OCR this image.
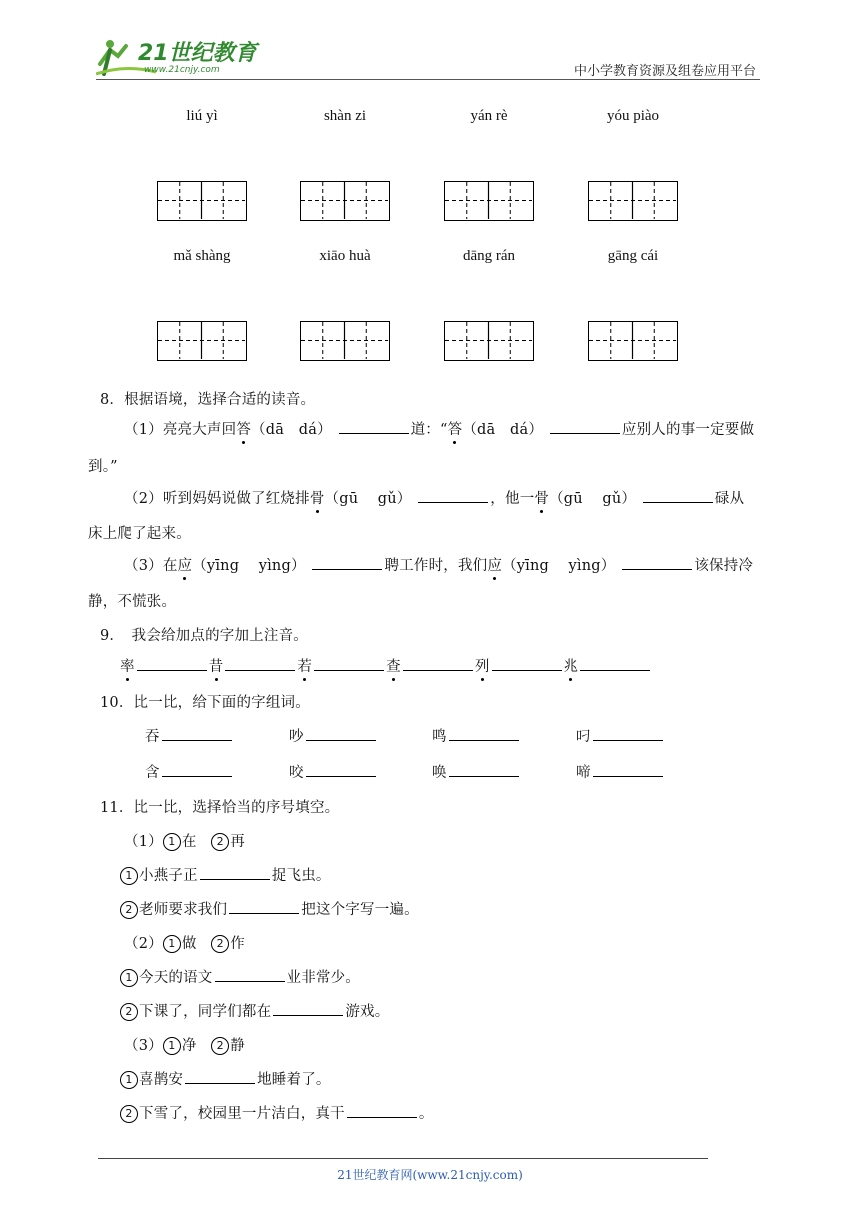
21世纪教育
www.21cnjy.com	中小学教育资源及组卷应用平台
liú yì	shàn zi	yán rè	yóu piào
mǎ shàng	xiāo huà	dāng rán	gāng cái
8．根据语境，选择合适的读音。
（1）亮亮大声回答（dā　dá）	道：“答（dā　dá）	应别人的事一定要做
到。”
（2）听到妈妈说做了红烧排骨（gū　 gǔ）	，他一骨（gū　 gǔ）	碌从
床上爬了起来。
（3）在应（yīng　 yìng）	聘工作时，我们应（yīng　 yìng）	该保持冷
静，不慌张。
9．　我会给加点的字加上注音。
率	昔	若	查	列	兆
10．比一比，给下面的字组词。
吞	吵	鸣	叼
含	咬	唤	啼
11．比一比，选择恰当的序号填空。
（1） 1 在　 2 再
1 小燕子正	捉飞虫。
2 老师要求我们	把这个字写一遍。
（2） 1 做　 2 作
1 今天的语文	业非常少。
2 下课了，同学们都在	游戏。
（3） 1 净　 2 静
1 喜鹊安	地睡着了。
2 下雪了，校园里一片洁白，真干	。
21世纪教育网(www.21cnjy.com)
